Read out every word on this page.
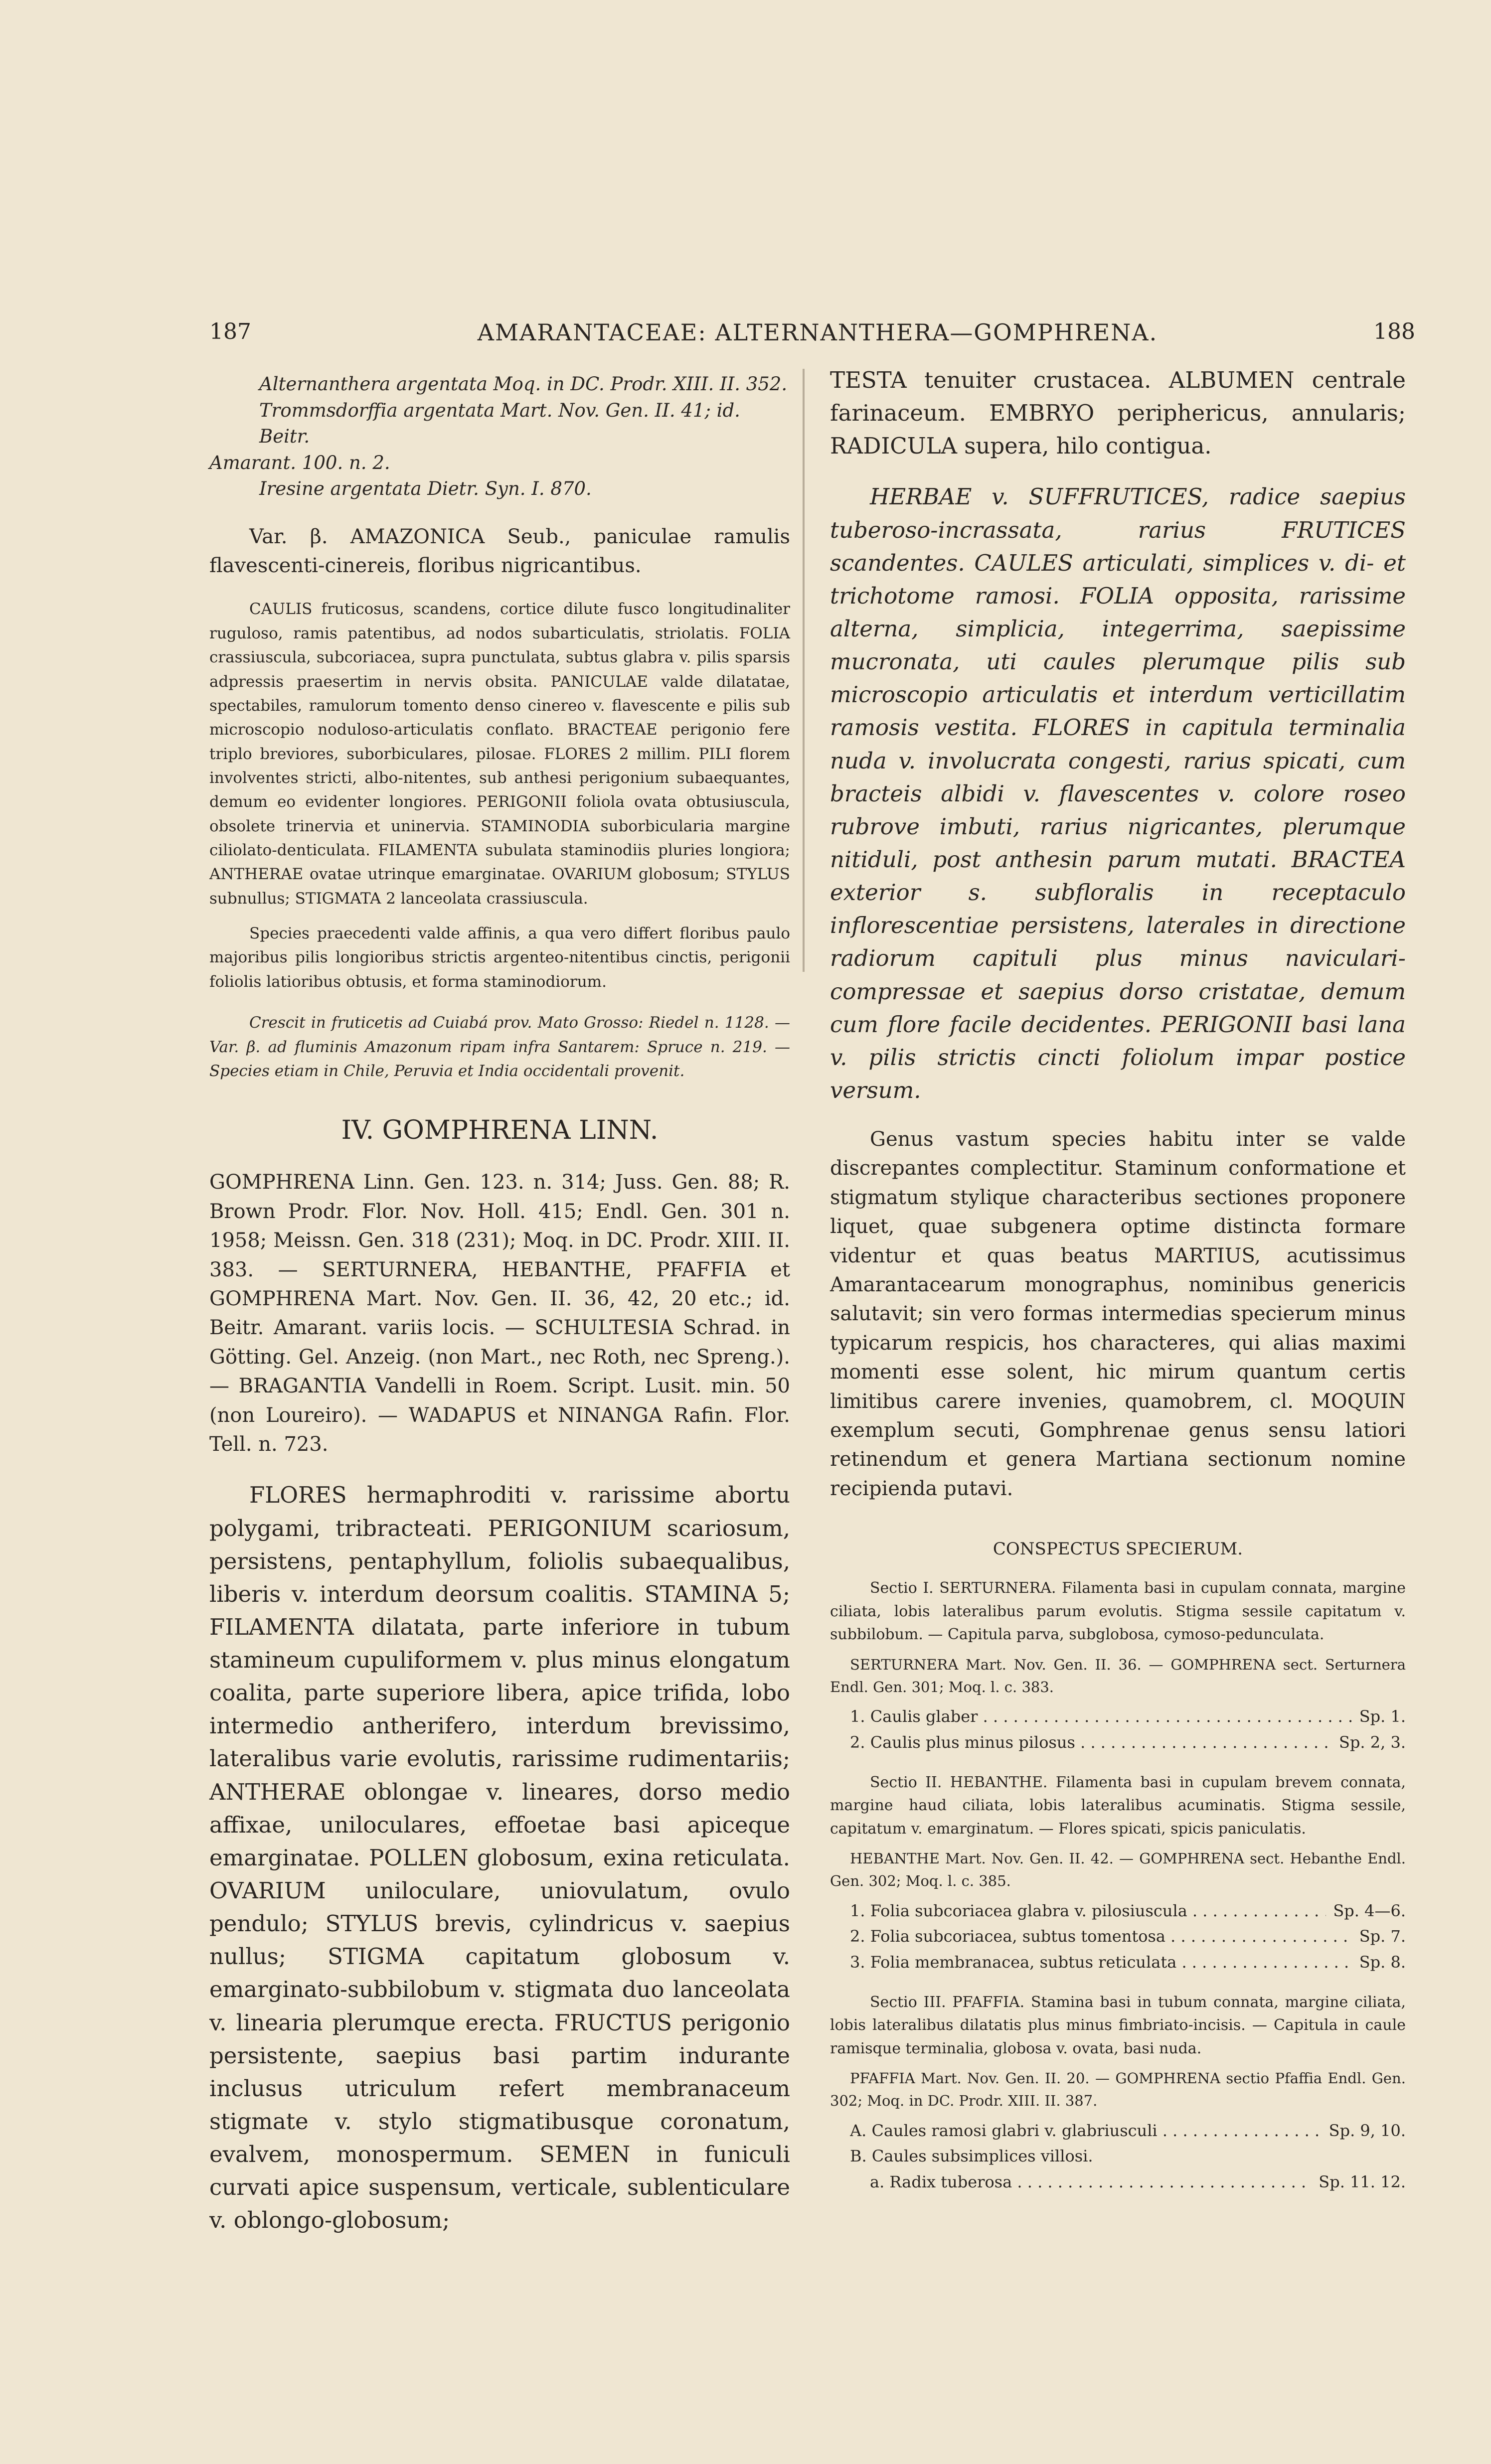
187	AMARANTACEAE: ALTERNANTHERA—GOMPHRENA.	188
Alternanthera argentata Moq. in DC. Prodr. XIII. II. 352.
Trommsdorffia argentata Mart. Nov. Gen. II. 41; id. Beitr.
Amarant. 100. n. 2.
Iresine argentata Dietr. Syn. I. 870.

Var. β. AMAZONICA Seub., paniculae ramulis flavescenti-cinereis, floribus nigricantibus.

CAULIS fruticosus, scandens, cortice dilute fusco longitudinaliter ruguloso, ramis patentibus, ad nodos subarticulatis, striolatis. FOLIA crassiuscula, subcoriacea, supra punctulata, subtus glabra v. pilis sparsis adpressis praesertim in nervis obsita. PANICULAE valde dilatatae, spectabiles, ramulorum tomento denso cinereo v. flavescente e pilis sub microscopio noduloso-articulatis conflato. BRACTEAE perigonio fere triplo breviores, suborbiculares, pilosae. FLORES 2 millim. PILI florem involventes stricti, albo-nitentes, sub anthesi perigonium subaequantes, demum eo evidenter longiores. PERIGONII foliola ovata obtusiuscula, obsolete trinervia et uninervia. STAMINODIA suborbicularia margine ciliolato-denticulata. FILAMENTA subulata staminodiis pluries longiora; ANTHERAE ovatae utrinque emarginatae. OVARIUM globosum; STYLUS subnullus; STIGMATA 2 lanceolata crassiuscula.

Species praecedenti valde affinis, a qua vero differt floribus paulo majoribus pilis longioribus strictis argenteo-nitentibus cinctis, perigonii foliolis latioribus obtusis, et forma staminodiorum.

Crescit in fruticetis ad Cuiabá prov. Mato Grosso: Riedel n. 1128. — Var. β. ad fluminis Amazonum ripam infra Santarem: Spruce n. 219. — Species etiam in Chile, Peruvia et India occidentali provenit.

IV. GOMPHRENA LINN.

GOMPHRENA Linn. Gen. 123. n. 314; Juss. Gen. 88; R. Brown Prodr. Flor. Nov. Holl. 415; Endl. Gen. 301 n. 1958; Meissn. Gen. 318 (231); Moq. in DC. Prodr. XIII. II. 383. — SERTURNERA, HEBANTHE, PFAFFIA et GOMPHRENA Mart. Nov. Gen. II. 36, 42, 20 etc.; id. Beitr. Amarant. variis locis. — SCHULTESIA Schrad. in Götting. Gel. Anzeig. (non Mart., nec Roth, nec Spreng.). — BRAGANTIA Vandelli in Roem. Script. Lusit. min. 50 (non Loureiro). — WADAPUS et NINANGA Rafin. Flor. Tell. n. 723.

FLORES hermaphroditi v. rarissime abortu polygami, tribracteati. PERIGONIUM scariosum, persistens, pentaphyllum, foliolis subaequalibus, liberis v. interdum deorsum coalitis. STAMINA 5; FILAMENTA dilatata, parte inferiore in tubum stamineum cupuliformem v. plus minus elongatum coalita, parte superiore libera, apice trifida, lobo intermedio antherifero, interdum brevissimo, lateralibus varie evolutis, rarissime rudimentariis; ANTHERAE oblongae v. lineares, dorso medio affixae, uniloculares, effoetae basi apiceque emarginatae. POLLEN globosum, exina reticulata. OVARIUM uniloculare, uniovulatum, ovulo pendulo; STYLUS brevis, cylindricus v. saepius nullus; STIGMA capitatum globosum v. emarginato-subbilobum v. stigmata duo lanceolata v. linearia plerumque erecta. FRUCTUS perigonio persistente, saepius basi partim indurante inclusus utriculum refert membranaceum stigmate v. stylo stigmatibusque coronatum, evalvem, monospermum. SEMEN in funiculi curvati apice suspensum, verticale, sublenticulare v. oblongo-globosum;

TESTA tenuiter crustacea. ALBUMEN centrale farinaceum. EMBRYO periphericus, annularis; RADICULA supera, hilo contigua.

HERBAE v. SUFFRUTICES, radice saepius tuberoso-incrassata, rarius FRUTICES scandentes. CAULES articulati, simplices v. di- et trichotome ramosi. FOLIA opposita, rarissime alterna, simplicia, integerrima, saepissime mucronata, uti caules plerumque pilis sub microscopio articulatis et interdum verticillatim ramosis vestita. FLORES in capitula terminalia nuda v. involucrata congesti, rarius spicati, cum bracteis albidi v. flavescentes v. colore roseo rubrove imbuti, rarius nigricantes, plerumque nitiduli, post anthesin parum mutati. BRACTEA exterior s. subfloralis in receptaculo inflorescentiae persistens, laterales in directione radiorum capituli plus minus naviculari-compressae et saepius dorso cristatae, demum cum flore facile decidentes. PERIGONII basi lana v. pilis strictis cincti foliolum impar postice versum.

Genus vastum species habitu inter se valde discrepantes complectitur. Staminum conformatione et stigmatum stylique characteribus sectiones proponere liquet, quae subgenera optime distincta formare videntur et quas beatus MARTIUS, acutissimus Amarantacearum monographus, nominibus genericis salutavit; sin vero formas intermedias specierum minus typicarum respicis, hos characteres, qui alias maximi momenti esse solent, hic mirum quantum certis limitibus carere invenies, quamobrem, cl. MOQUIN exemplum secuti, Gomphrenae genus sensu latiori retinendum et genera Martiana sectionum nomine recipienda putavi.

CONSPECTUS SPECIERUM.

Sectio I. SERTURNERA. Filamenta basi in cupulam connata, margine ciliata, lobis lateralibus parum evolutis. Stigma sessile capitatum v. subbilobum. — Capitula parva, subglobosa, cymoso-pedunculata.

SERTURNERA Mart. Nov. Gen. II. 36. — GOMPHRENA sect. Serturnera Endl. Gen. 301; Moq. l. c. 383.

1. Caulis glaber . . .	Sp. 1.
2. Caulis plus minus pilosus . . .	Sp. 2, 3.

Sectio II. HEBANTHE. Filamenta basi in cupulam brevem connata, margine haud ciliata, lobis lateralibus acuminatis. Stigma sessile, capitatum v. emarginatum. — Flores spicati, spicis paniculatis.

HEBANTHE Mart. Nov. Gen. II. 42. — GOMPHRENA sect. Hebanthe Endl. Gen. 302; Moq. l. c. 385.

1. Folia subcoriacea glabra v. pilosiuscula . . .	Sp. 4—6.
2. Folia subcoriacea, subtus tomentosa . . .	Sp. 7.
3. Folia membranacea, subtus reticulata . . .	Sp. 8.

Sectio III. PFAFFIA. Stamina basi in tubum connata, margine ciliata, lobis lateralibus dilatatis plus minus fimbriato-incisis. — Capitula in caule ramisque terminalia, globosa v. ovata, basi nuda.

PFAFFIA Mart. Nov. Gen. II. 20. — GOMPHRENA sectio Pfaffia Endl. Gen. 302; Moq. in DC. Prodr. XIII. II. 387.

A. Caules ramosi glabri v. glabriusculi . . .	Sp. 9, 10.
B. Caules subsimplices villosi.
a. Radix tuberosa . . .	Sp. 11. 12.
